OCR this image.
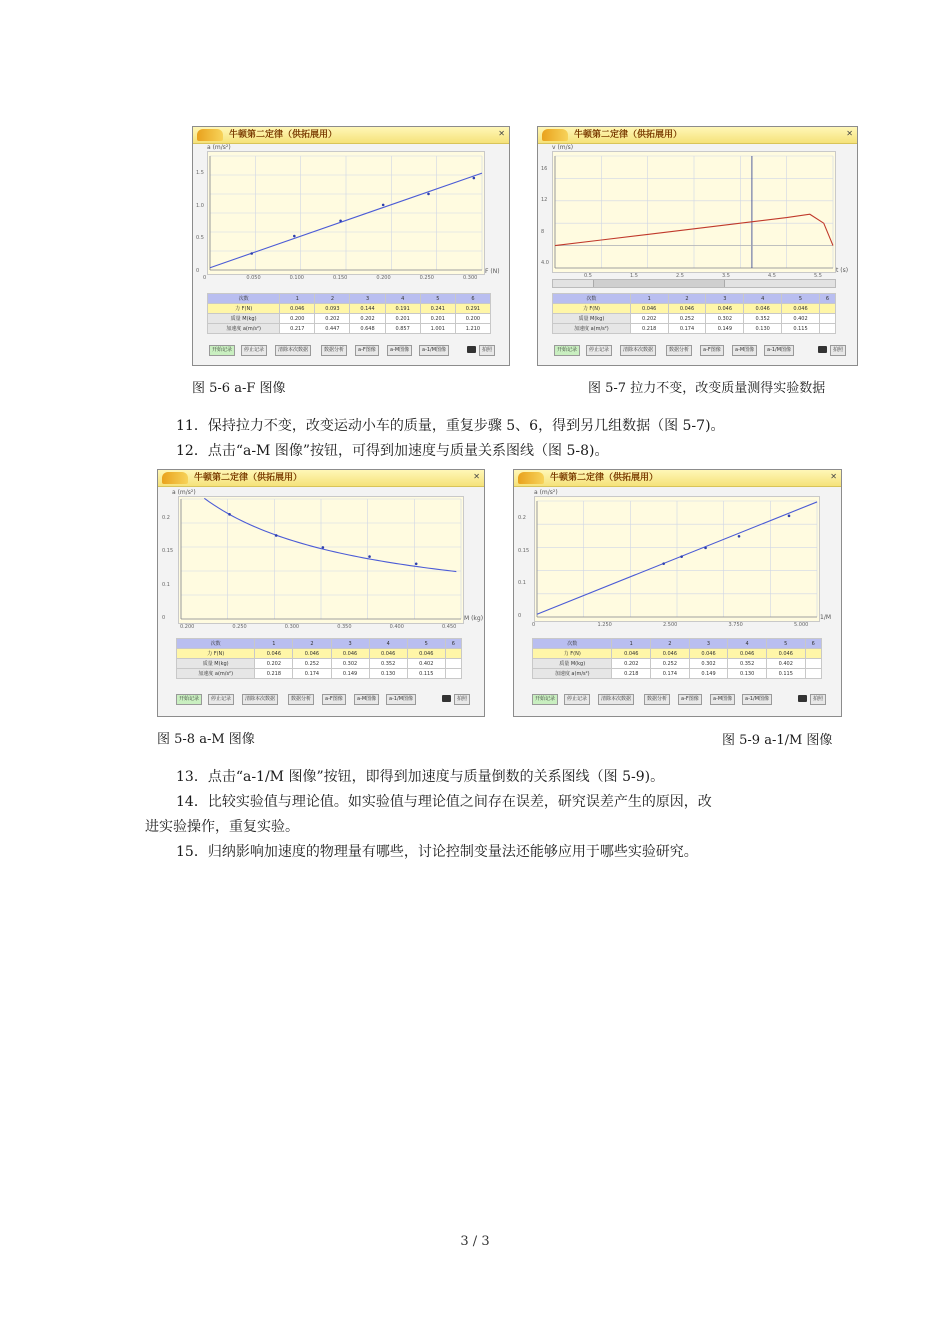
牛顿第二定律（供拓展用）	✕
a (m/s²)
F (N)
次数	1	2	3	4	5	6
力 F(N)	0.046	0.093	0.144	0.191	0.241	0.291
质量 M(kg)	0.200	0.202	0.202	0.201	0.201	0.200
加速度 a(m/s²)	0.217	0.447	0.648	0.857	1.001	1.210
开始记录	停止记录	清除本次数据	数据分析	a-F图像	a-M图像	a-1/M图像	拍照
1.5
1.0
0.5
0
0	0.050	0.100	0.150	0.200	0.250	0.300
牛顿第二定律（供拓展用）	✕
v (m/s)
t (s)
次数	1	2	3	4	5	6
力 F(N)	0.046	0.046	0.046	0.046	0.046	
质量 M(kg)	0.202	0.252	0.302	0.352	0.402	
加速度 a(m/s²)	0.218	0.174	0.149	0.130	0.115	
开始记录	停止记录	清除本次数据	数据分析	a-F图像	a-M图像	a-1/M图像	拍照
16
12
8
4.0
0.5	1.5	2.5	3.5	4.5	5.5
牛顿第二定律（供拓展用）	✕
a (m/s²)
M (kg)
次数	1	2	3	4	5	6
力 F(N)	0.046	0.046	0.046	0.046	0.046	
质量 M(kg)	0.202	0.252	0.302	0.352	0.402	
加速度 a(m/s²)	0.218	0.174	0.149	0.130	0.115	
开始记录	停止记录	清除本次数据	数据分析	a-F图像	a-M图像	a-1/M图像	拍照
0.2
0.15
0.1
0
0.200	0.250	0.300	0.350	0.400	0.450
牛顿第二定律（供拓展用）	✕
a (m/s²)
1/M
次数	1	2	3	4	5	6
力 F(N)	0.046	0.046	0.046	0.046	0.046	
质量 M(kg)	0.202	0.252	0.302	0.352	0.402	
加速度 a(m/s²)	0.218	0.174	0.149	0.130	0.115	
开始记录	停止记录	清除本次数据	数据分析	a-F图像	a-M图像	a-1/M图像	拍照
0.2
0.15
0.1
0
0	1.250	2.500	3.750	5.000
图 5-6 a-F 图像	图 5-7 拉力不变，改变质量测得实验数据
图 5-8 a-M 图像	图 5-9 a-1/M 图像
11．保持拉力不变，改变运动小车的质量，重复步骤 5、6，得到另几组数据（图 5-7)。
12．点击“a-M 图像”按钮，可得到加速度与质量关系图线（图 5-8)。
13．点击“a-1/M 图像”按钮，即得到加速度与质量倒数的关系图线（图 5-9)。
14．比较实验值与理论值。如实验值与理论值之间存在误差，研究误差产生的原因，改
进实验操作，重复实验。
15．归纳影响加速度的物理量有哪些，讨论控制变量法还能够应用于哪些实验研究。
3 / 3
